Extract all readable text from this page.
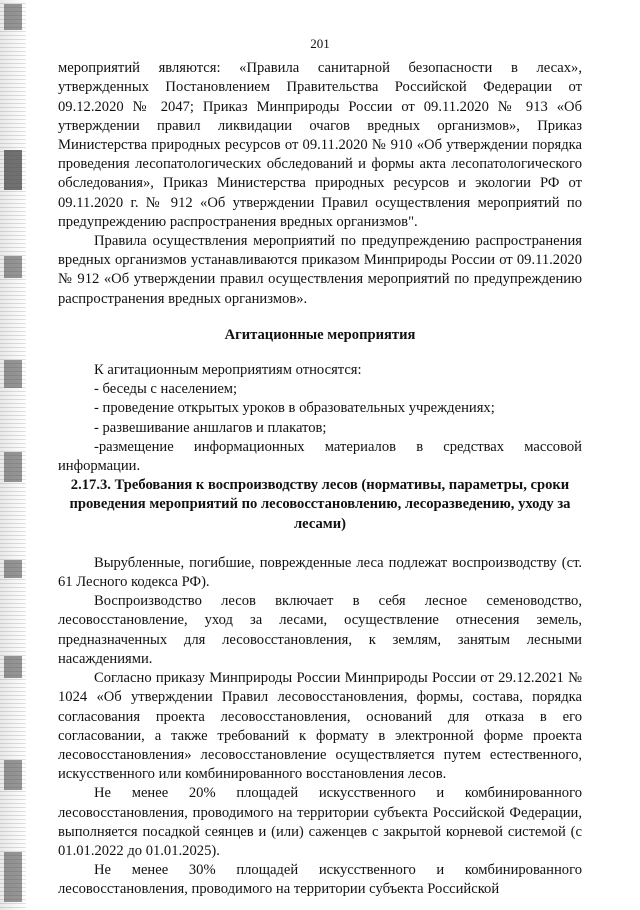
201

мероприятий являются: «Правила санитарной безопасности в лесах», утвержденных Постановлением Правительства Российской Федерации от 09.12.2020 № 2047; Приказ Минприроды России от 09.11.2020 № 913 «Об утверждении правил ликвидации очагов вредных организмов», Приказ Министерства природных ресурсов от 09.11.2020 № 910 «Об утверждении порядка проведения лесопатологических обследований и формы акта лесопатологического обследования», Приказ Министерства природных ресурсов и экологии РФ от 09.11.2020 г. № 912 «Об утверждении Правил осуществления мероприятий по предупреждению распространения вредных организмов".

Правила осуществления мероприятий по предупреждению распространения вредных организмов устанавливаются приказом Минприроды России от 09.11.2020 № 912 «Об утверждении правил осуществления мероприятий по предупреждению распространения вредных организмов».

Агитационные мероприятия

К агитационным мероприятиям относятся:

- беседы с населением;

- проведение открытых уроков в образовательных учреждениях;

- развешивание аншлагов и плакатов;

-размещение информационных материалов в средствах массовой информации.

2.17.3. Требования к воспроизводству лесов (нормативы, параметры, сроки проведения мероприятий по лесовосстановлению, лесоразведению, уходу за лесами)

Вырубленные, погибшие, поврежденные леса подлежат воспроизводству (ст. 61 Лесного кодекса РФ).

Воспроизводство лесов включает в себя лесное семеноводство, лесовосстановление, уход за лесами, осуществление отнесения земель, предназначенных для лесовосстановления, к землям, занятым лесными насаждениями.

Согласно приказу Минприроды России Минприроды России от 29.12.2021 № 1024 «Об утверждении Правил лесовосстановления, формы, состава, порядка согласования проекта лесовосстановления, оснований для отказа в его согласовании, а также требований к формату в электронной форме проекта лесовосстановления» лесовосстановление осуществляется путем естественного, искусственного или комбинированного восстановления лесов.

Не менее 20% площадей искусственного и комбинированного лесовосстановления, проводимого на территории субъекта Российской Федерации, выполняется посадкой сеянцев и (или) саженцев с закрытой корневой системой (с 01.01.2022 до 01.01.2025).

Не менее 30% площадей искусственного и комбинированного лесовосстановления, проводимого на территории субъекта Российской
